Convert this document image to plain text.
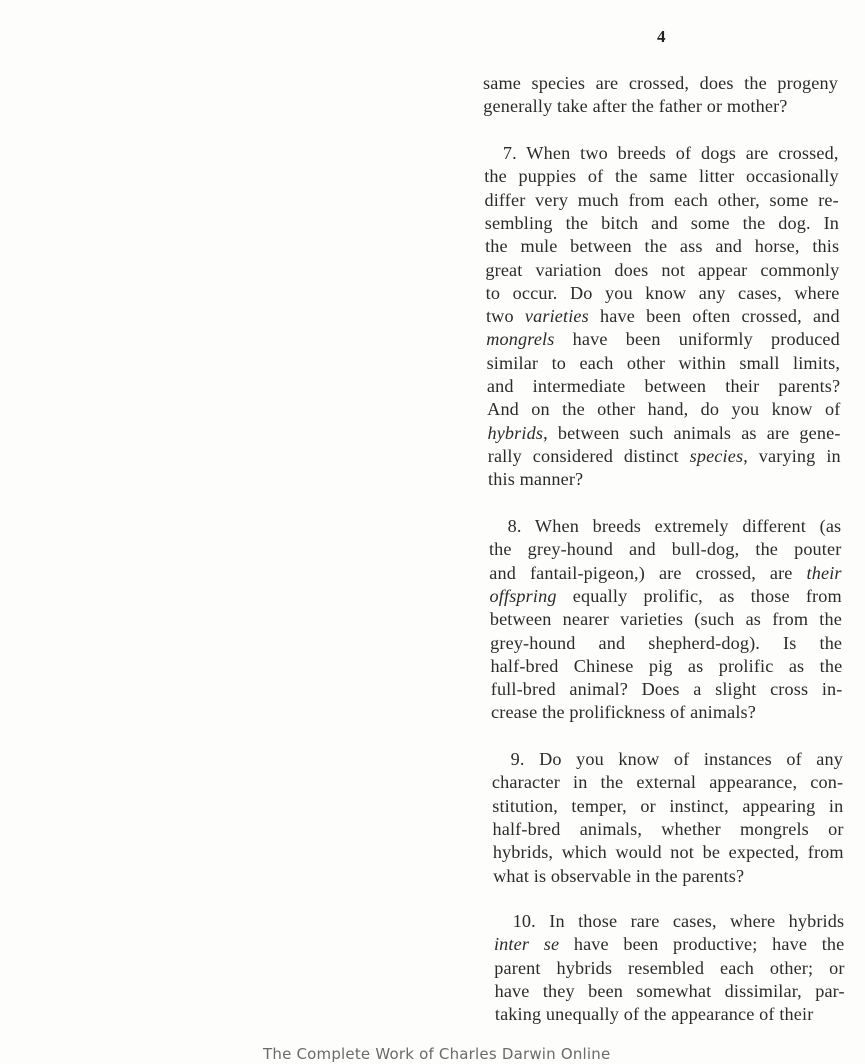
4
same species are crossed, does the progeny
generally take after the father or mother?
7. When two breeds of dogs are crossed,
the puppies of the same litter occasionally
differ very much from each other, some re-
sembling the bitch and some the dog. In
the mule between the ass and horse, this
great variation does not appear commonly
to occur. Do you know any cases, where
two varieties have been often crossed, and
mongrels have been uniformly produced
similar to each other within small limits,
and intermediate between their parents?
And on the other hand, do you know of
hybrids, between such animals as are gene-
rally considered distinct species, varying in
this manner?
8. When breeds extremely different (as
the grey-hound and bull-dog, the pouter
and fantail-pigeon,) are crossed, are their
offspring equally prolific, as those from
between nearer varieties (such as from the
grey-hound and shepherd-dog). Is the
half-bred Chinese pig as prolific as the
full-bred animal? Does a slight cross in-
crease the prolifickness of animals?
9. Do you know of instances of any
character in the external appearance, con-
stitution, temper, or instinct, appearing in
half-bred animals, whether mongrels or
hybrids, which would not be expected, from
what is observable in the parents?
10. In those rare cases, where hybrids
inter se have been productive; have the
parent hybrids resembled each other; or
have they been somewhat dissimilar, par-
taking unequally of the appearance of their
The Complete Work of Charles Darwin Online
